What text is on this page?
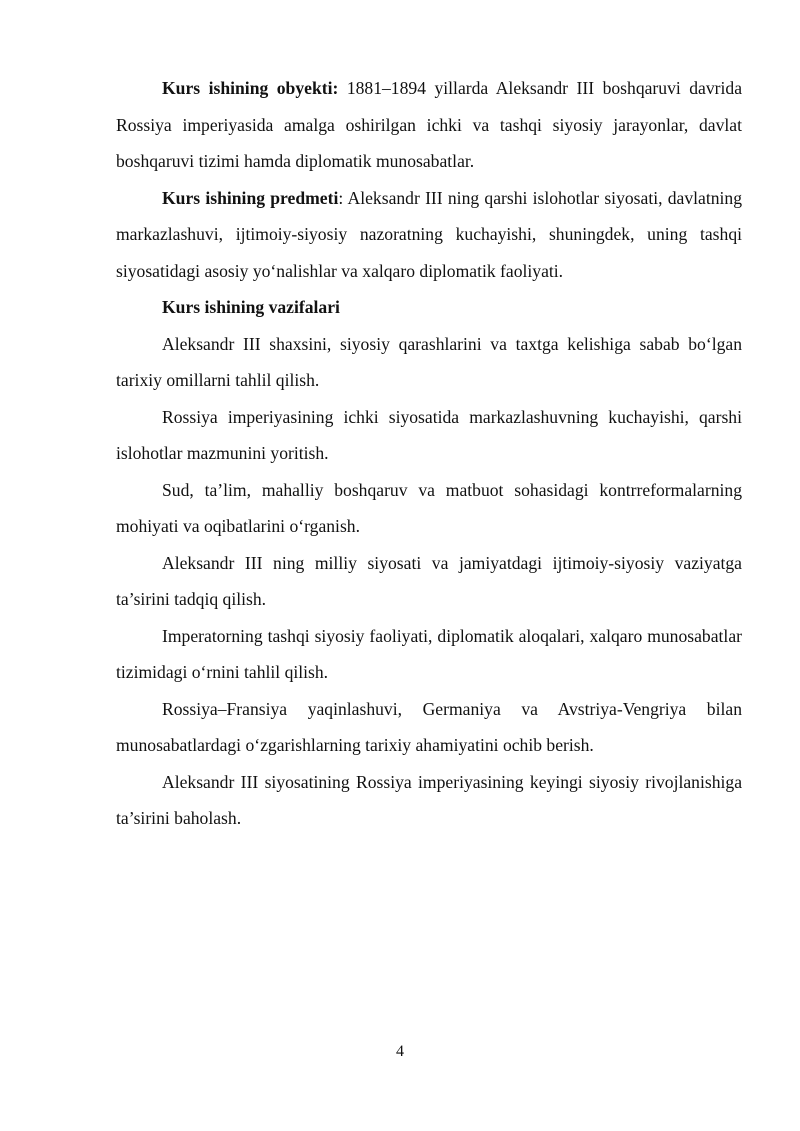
Kurs ishining obyekti: 1881–1894 yillarda Aleksandr III boshqaruvi davrida Rossiya imperiyasida amalga oshirilgan ichki va tashqi siyosiy jarayonlar, davlat boshqaruvi tizimi hamda diplomatik munosabatlar.

Kurs ishining predmeti: Aleksandr III ning qarshi islohotlar siyosati, davlatning markazlashuvi, ijtimoiy-siyosiy nazoratning kuchayishi, shuningdek, uning tashqi siyosatidagi asosiy yo‘nalishlar va xalqaro diplomatik faoliyati.

Kurs ishining vazifalari

Aleksandr III shaxsini, siyosiy qarashlarini va taxtga kelishiga sabab bo‘lgan tarixiy omillarni tahlil qilish.

Rossiya imperiyasining ichki siyosatida markazlashuvning kuchayishi, qarshi islohotlar mazmunini yoritish.

Sud, ta’lim, mahalliy boshqaruv va matbuot sohasidagi kontrreformalarning mohiyati va oqibatlarini o‘rganish.

Aleksandr III ning milliy siyosati va jamiyatdagi ijtimoiy-siyosiy vaziyatga ta’sirini tadqiq qilish.

Imperatorning tashqi siyosiy faoliyati, diplomatik aloqalari, xalqaro munosabatlar tizimidagi o‘rnini tahlil qilish.

Rossiya–Fransiya yaqinlashuvi, Germaniya va Avstriya-Vengriya bilan munosabatlardagi o‘zgarishlarning tarixiy ahamiyatini ochib berish.

Aleksandr III siyosatining Rossiya imperiyasining keyingi siyosiy rivojlanishiga ta’sirini baholash.

4
